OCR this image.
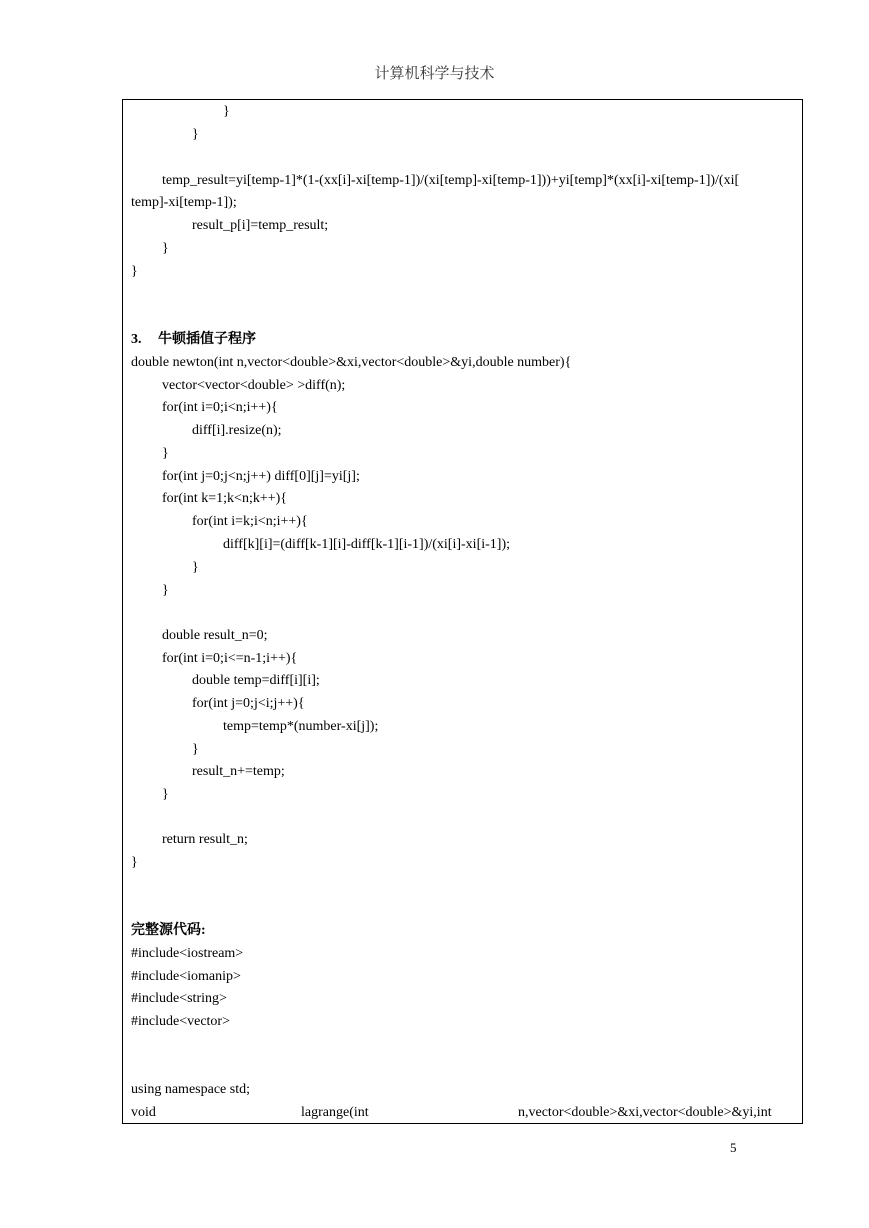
计算机科学与技术
}
}
temp_result=yi[temp-1]*(1-(xx[i]-xi[temp-1])/(xi[temp]-xi[temp-1]))+yi[temp]*(xx[i]-xi[temp-1])/(xi[
temp]-xi[temp-1]);
result_p[i]=temp_result;
}
}
3. 牛顿插值子程序
double newton(int n,vector<double>&xi,vector<double>&yi,double number){
vector<vector<double> >diff(n);
for(int i=0;i<n;i++){
diff[i].resize(n);
}
for(int j=0;j<n;j++) diff[0][j]=yi[j];
for(int k=1;k<n;k++){
for(int i=k;i<n;i++){
diff[k][i]=(diff[k-1][i]-diff[k-1][i-1])/(xi[i]-xi[i-1]);
}
}
double result_n=0;
for(int i=0;i<=n-1;i++){
double temp=diff[i][i];
for(int j=0;j<i;j++){
temp=temp*(number-xi[j]);
}
result_n+=temp;
}
return result_n;
}
完整源代码:
#include<iostream>
#include<iomanip>
#include<string>
#include<vector>
using namespace std;
void	lagrange(int	n,vector<double>&xi,vector<double>&yi,int
5
